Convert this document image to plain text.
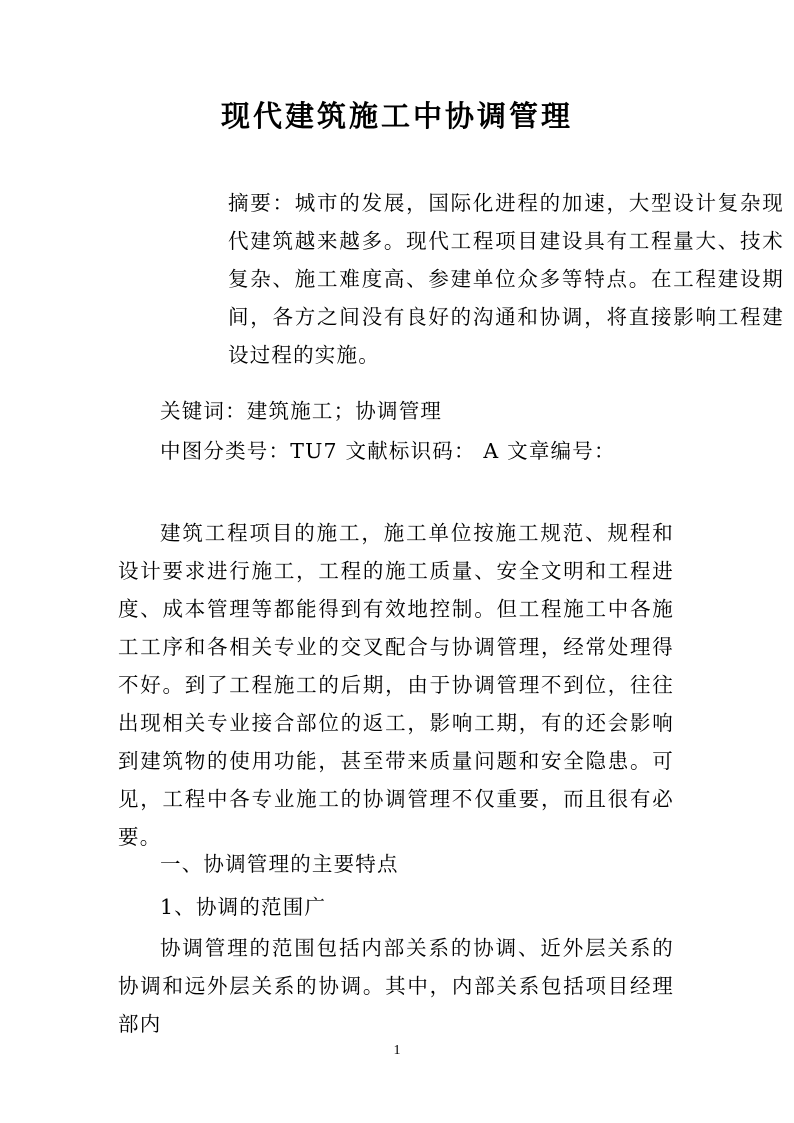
现代建筑施工中协调管理
摘要：城市的发展，国际化进程的加速，大型设计复杂现代建筑越来越多。现代工程项目建设具有工程量大、技术复杂、施工难度高、参建单位众多等特点。在工程建设期间，各方之间没有良好的沟通和协调，将直接影响工程建设过程的实施。
关键词：建筑施工；协调管理
中图分类号：TU7 文献标识码： A 文章编号：
建筑工程项目的施工，施工单位按施工规范、规程和设计要求进行施工，工程的施工质量、安全文明和工程进度、成本管理等都能得到有效地控制。但工程施工中各施工工序和各相关专业的交叉配合与协调管理，经常处理得不好。到了工程施工的后期，由于协调管理不到位，往往出现相关专业接合部位的返工，影响工期，有的还会影响到建筑物的使用功能，甚至带来质量问题和安全隐患。可见，工程中各专业施工的协调管理不仅重要，而且很有必要。
一、协调管理的主要特点
1、协调的范围广
协调管理的范围包括内部关系的协调、近外层关系的协调和远外层关系的协调。其中，内部关系包括项目经理部内
1
